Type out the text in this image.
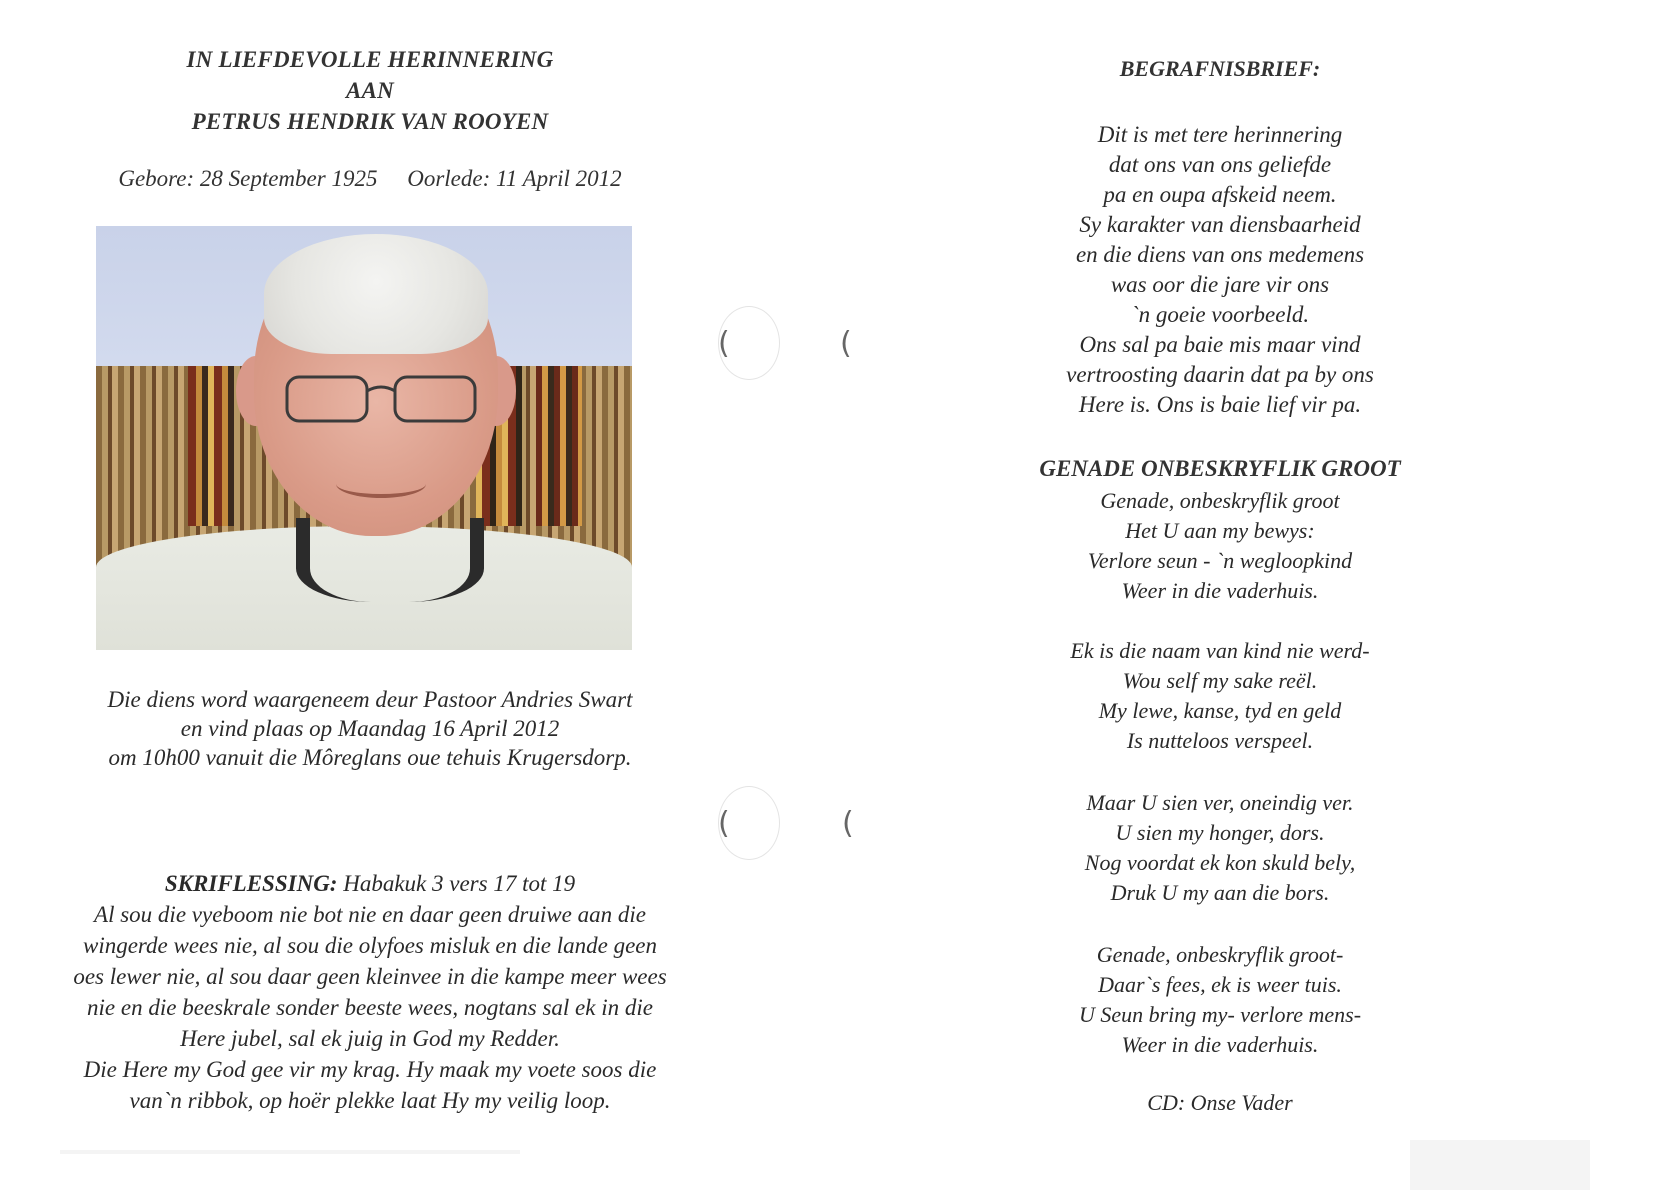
IN LIEFDEVOLLE HERINNERING
AAN
PETRUS HENDRIK VAN ROOYEN
Gebore: 28 September 1925 Oorlede: 11 April 2012
Die diens word waargeneem deur Pastoor Andries Swart
en vind plaas op Maandag 16 April 2012
om 10h00 vanuit die Môreglans oue tehuis Krugersdorp.
SKRIFLESSING: Habakuk 3 vers 17 tot 19
Al sou die vyeboom nie bot nie en daar geen druiwe aan die
wingerde wees nie, al sou die olyfoes misluk en die lande geen
oes lewer nie, al sou daar geen kleinvee in die kampe meer wees
nie en die beeskrale sonder beeste wees, nogtans sal ek in die
Here jubel, sal ek juig in God my Redder.
Die Here my God gee vir my krag. Hy maak my voete soos die
van`n ribbok, op hoër plekke laat Hy my veilig loop.
(	(
(	(
BEGRAFNISBRIEF:
Dit is met tere herinnering
dat ons van ons geliefde
pa en oupa afskeid neem.
Sy karakter van diensbaarheid
en die diens van ons medemens
was oor die jare vir ons
`n goeie voorbeeld.
Ons sal pa baie mis maar vind
vertroosting daarin dat pa by ons
Here is. Ons is baie lief vir pa.
GENADE ONBESKRYFLIK GROOT
Genade, onbeskryflik groot
Het U aan my bewys:
Verlore seun - `n wegloopkind
Weer in die vaderhuis.
Ek is die naam van kind nie werd-
Wou self my sake reël.
My lewe, kanse, tyd en geld
Is nutteloos verspeel.
Maar U sien ver, oneindig ver.
U sien my honger, dors.
Nog voordat ek kon skuld bely,
Druk U my aan die bors.
Genade, onbeskryflik groot-
Daar`s fees, ek is weer tuis.
U Seun bring my- verlore mens-
Weer in die vaderhuis.
CD: Onse Vader
